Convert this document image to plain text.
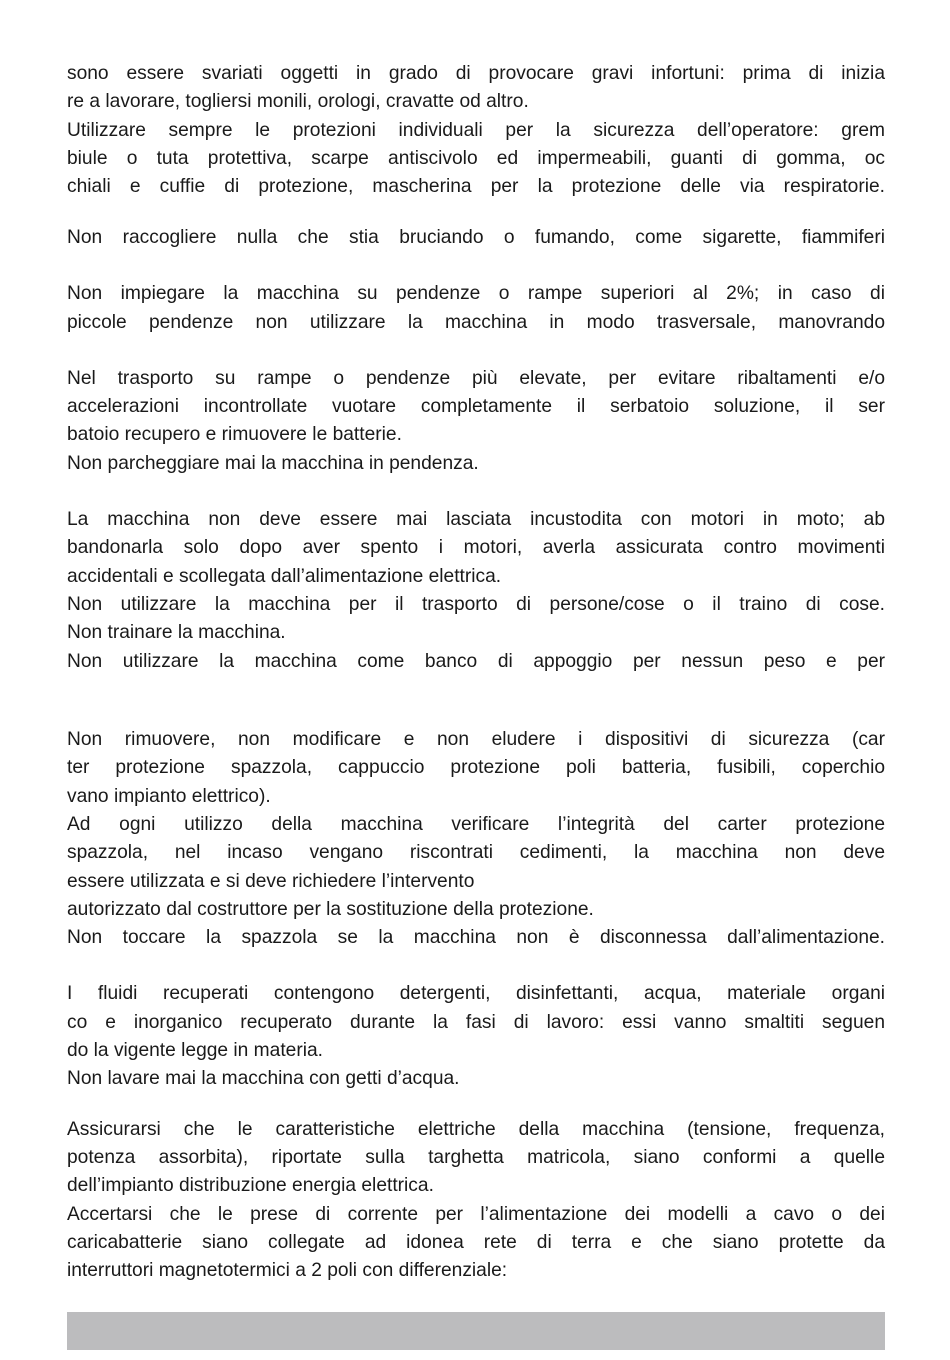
sono essere svariati oggetti in grado di provocare gravi infortuni: prima di inizia
re a lavorare, togliersi monili, orologi, cravatte od altro.
Utilizzare sempre le protezioni individuali per la sicurezza dell’operatore: grem
biule o tuta protettiva, scarpe antiscivolo ed impermeabili, guanti di gomma, oc
chiali e cuffie di protezione, mascherina per la protezione delle via respiratorie.
Non raccogliere nulla che stia bruciando o fumando, come sigarette, fiammiferi
Non impiegare la macchina su pendenze o rampe superiori al 2%; in caso di
piccole pendenze non utilizzare la macchina in modo trasversale, manovrando
Nel trasporto su rampe o pendenze più elevate, per evitare ribaltamenti e/o
accelerazioni incontrollate vuotare completamente il serbatoio soluzione, il ser
batoio recupero e rimuovere le batterie.
Non parcheggiare mai la macchina in pendenza.
La macchina non deve essere mai lasciata incustodita con motori in moto; ab
bandonarla solo dopo aver spento i motori, averla assicurata contro movimenti
accidentali e scollegata dall’alimentazione elettrica.
Non utilizzare la macchina per il trasporto di persone/cose o il traino di cose.
Non trainare la macchina.
Non utilizzare la macchina come banco di appoggio per nessun peso e per
Non rimuovere, non modificare e non eludere i dispositivi di sicurezza (car
ter protezione spazzola, cappuccio protezione poli batteria, fusibili, coperchio
vano impianto elettrico).
Ad ogni utilizzo della macchina verificare l’integrità del carter protezione
spazzola, nel incaso vengano riscontrati cedimenti, la macchina non deve
essere utilizzata e si deve richiedere l’intervento
autorizzato dal costruttore per la sostituzione della protezione.
Non toccare la spazzola se la macchina non è disconnessa dall’alimentazione.
I fluidi recuperati contengono detergenti, disinfettanti, acqua, materiale organi
co e inorganico recuperato durante la fasi di lavoro: essi vanno smaltiti seguen
do la vigente legge in materia.
Non lavare mai la macchina con getti d’acqua.
Assicurarsi che le caratteristiche elettriche della macchina (tensione, frequenza,
potenza assorbita), riportate sulla targhetta matricola, siano conformi a quelle
dell’impianto distribuzione energia elettrica.
Accertarsi che le prese di corrente per l’alimentazione dei modelli a cavo o dei
caricabatterie siano collegate ad idonea rete di terra e che siano protette da
interruttori magnetotermici a 2 poli con differenziale:
